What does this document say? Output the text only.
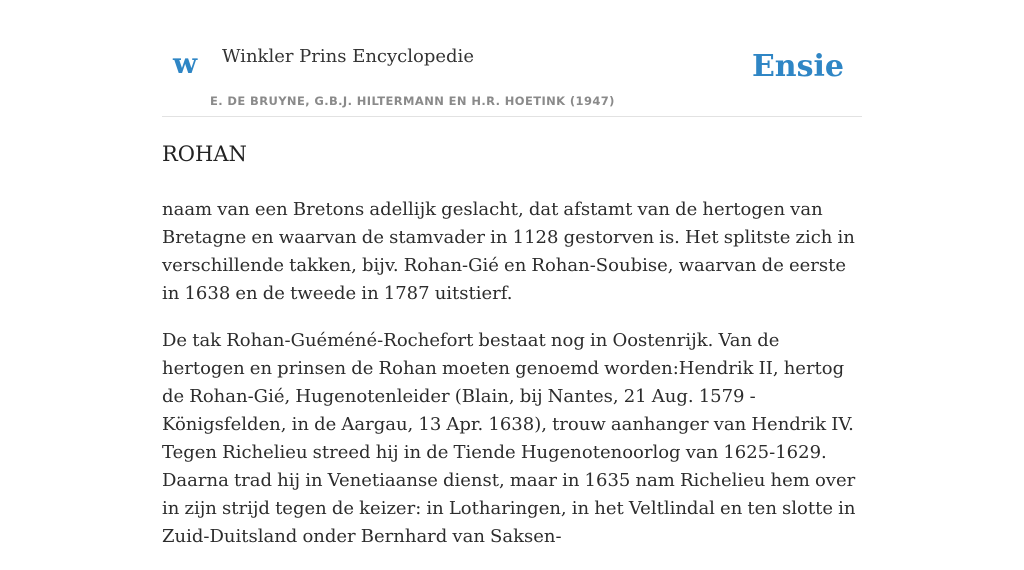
w Winkler Prins Encyclopedie
E. DE BRUYNE, G.B.J. HILTERMANN EN H.R. HOETINK (1947)
Ensie
ROHAN

naam van een Bretons adellijk geslacht, dat afstamt van de hertogen van Bretagne en waarvan de stamvader in 1128 gestorven is. Het splitste zich in verschillende takken, bijv. Rohan-Gié en Rohan-Soubise, waarvan de eerste in 1638 en de tweede in 1787 uitstierf.

De tak Rohan-Guéméné-Rochefort bestaat nog in Oostenrijk. Van de hertogen en prinsen de Rohan moeten genoemd worden:Hendrik II, hertog de Rohan-Gié, Hugenotenleider (Blain, bij Nantes, 21 Aug. 1579 - Königsfelden, in de Aargau, 13 Apr. 1638), trouw aanhanger van Hendrik IV. Tegen Richelieu streed hij in de Tiende Hugenotenoorlog van 1625-1629. Daarna trad hij in Venetiaanse dienst, maar in 1635 nam Richelieu hem over in zijn strijd tegen de keizer: in Lotharingen, in het Veltlindal en ten slotte in Zuid-Duitsland onder Bernhard van Saksen-
